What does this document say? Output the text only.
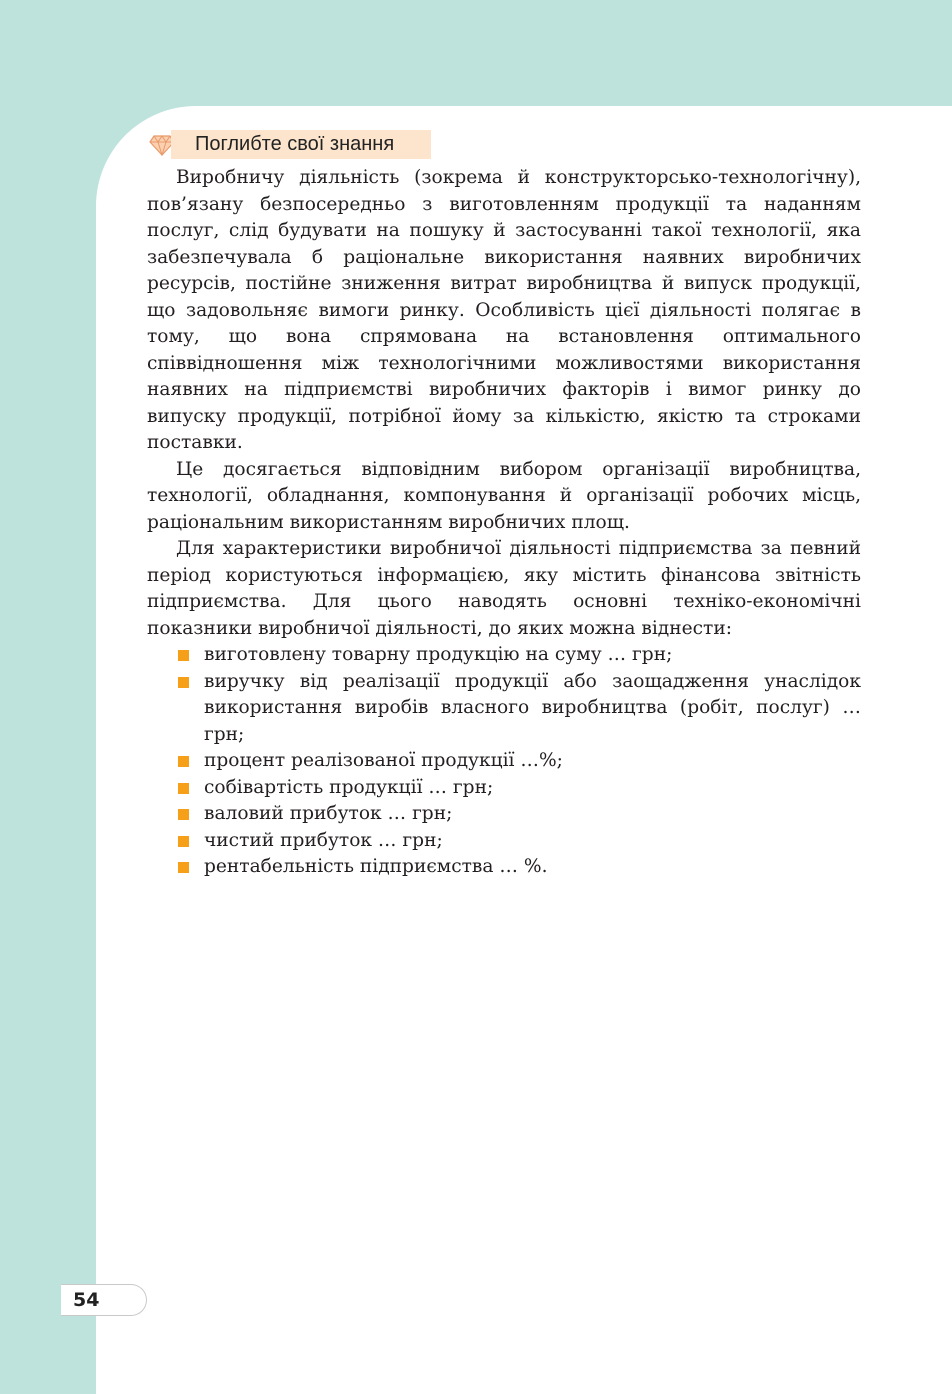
Поглибте свої знання

Виробничу діяльність (зокрема й конструкторсько-технологічну), пов’язану безпосередньо з виготовленням продукції та наданням послуг, слід будувати на пошуку й застосуванні такої технології, яка забезпечувала б раціональне використання наявних виробничих ресурсів, постійне зниження витрат виробництва й випуск продукції, що задовольняє вимоги ринку. Особливість цієї діяльності полягає в тому, що вона спрямована на встановлення оптимального співвідношення між технологічними можливостями використання наявних на підприємстві виробничих факторів і вимог ринку до випуску продукції, потрібної йому за кількістю, якістю та строками поставки.

Це досягається відповідним вибором організації виробництва, технології, обладнання, компонування й організації робочих місць, раціональним використанням виробничих площ.

Для характеристики виробничої діяльності підприємства за певний період користуються інформацією, яку містить фінансова звітність підприємства. Для цього наводять основні техніко-економічні показники виробничої діяльності, до яких можна віднести:

виготовлену товарну продукцію на суму … грн;
виручку від реалізації продукції або заощадження унаслідок використання виробів власного виробництва (робіт, послуг) … грн;
процент реалізованої продукції …%;
собівартість продукції … грн;
валовий прибуток … грн;
чистий прибуток … грн;
рентабельність підприємства … %.
54
